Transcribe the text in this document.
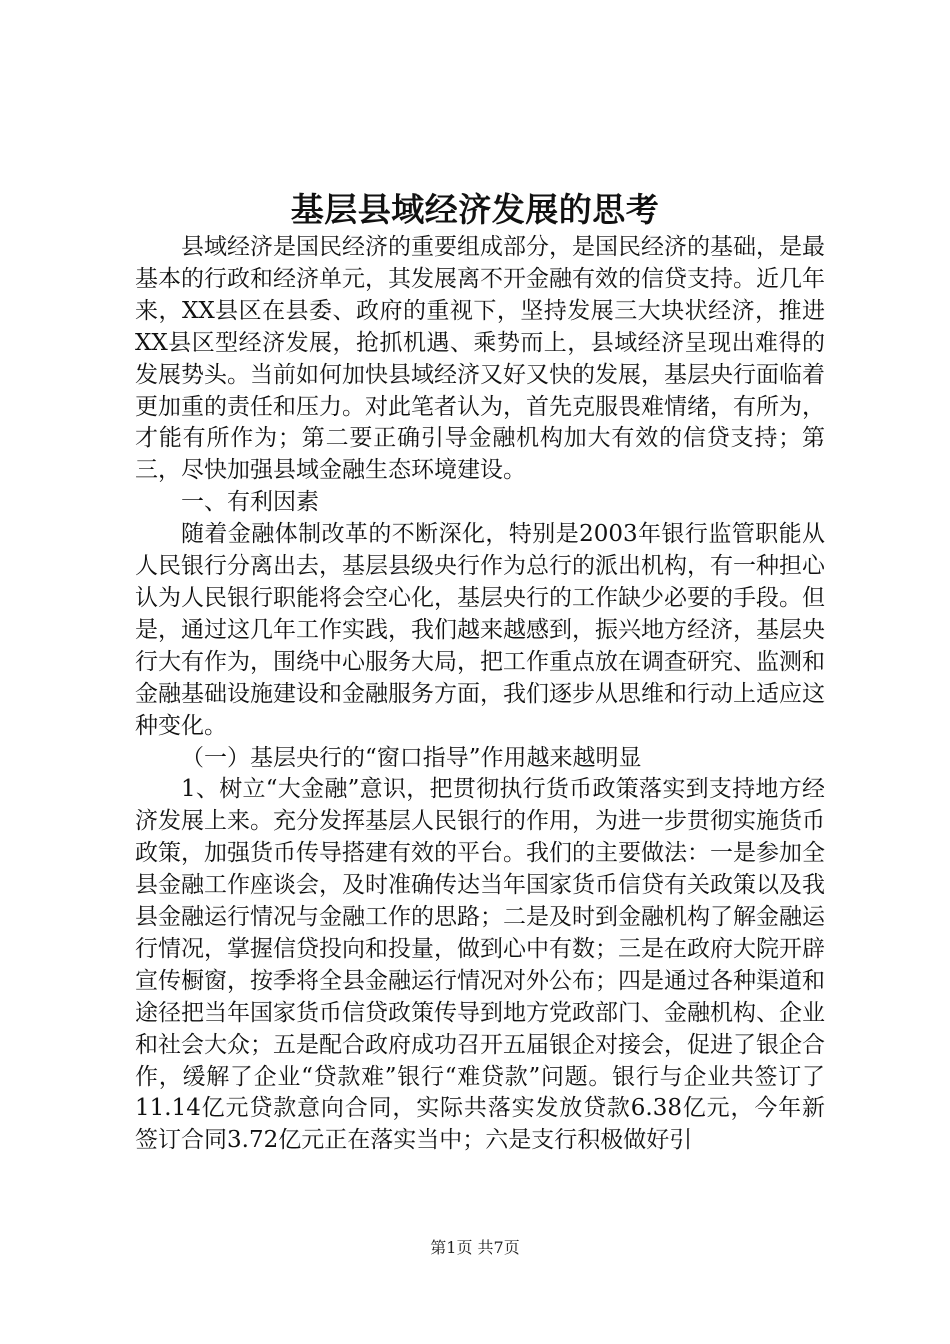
基层县域经济发展的思考

县域经济是国民经济的重要组成部分，是国民经济的基础，是最基本的行政和经济单元，其发展离不开金融有效的信贷支持。近几年来，XX县区在县委、政府的重视下，坚持发展三大块状经济，推进XX县区型经济发展，抢抓机遇、乘势而上，县域经济呈现出难得的发展势头。当前如何加快县域经济又好又快的发展，基层央行面临着更加重的责任和压力。对此笔者认为，首先克服畏难情绪，有所为，才能有所作为；第二要正确引导金融机构加大有效的信贷支持；第三，尽快加强县域金融生态环境建设。

一、有利因素

随着金融体制改革的不断深化，特别是2003年银行监管职能从人民银行分离出去，基层县级央行作为总行的派出机构，有一种担心认为人民银行职能将会空心化，基层央行的工作缺少必要的手段。但是，通过这几年工作实践，我们越来越感到，振兴地方经济，基层央行大有作为，围绕中心服务大局，把工作重点放在调查研究、监测和金融基础设施建设和金融服务方面，我们逐步从思维和行动上适应这种变化。

（一）基层央行的“窗口指导”作用越来越明显

1、树立“大金融”意识，把贯彻执行货币政策落实到支持地方经济发展上来。充分发挥基层人民银行的作用，为进一步贯彻实施货币政策，加强货币传导搭建有效的平台。我们的主要做法：一是参加全县金融工作座谈会，及时准确传达当年国家货币信贷有关政策以及我县金融运行情况与金融工作的思路；二是及时到金融机构了解金融运行情况，掌握信贷投向和投量，做到心中有数；三是在政府大院开辟宣传橱窗，按季将全县金融运行情况对外公布；四是通过各种渠道和途径把当年国家货币信贷政策传导到地方党政部门、金融机构、企业和社会大众；五是配合政府成功召开五届银企对接会，促进了银企合作，缓解了企业“贷款难”银行“难贷款”问题。银行与企业共签订了11.14亿元贷款意向合同，实际共落实发放贷款6.38亿元，今年新签订合同3.72亿元正在落实当中；六是支行积极做好引

第1页 共7页
